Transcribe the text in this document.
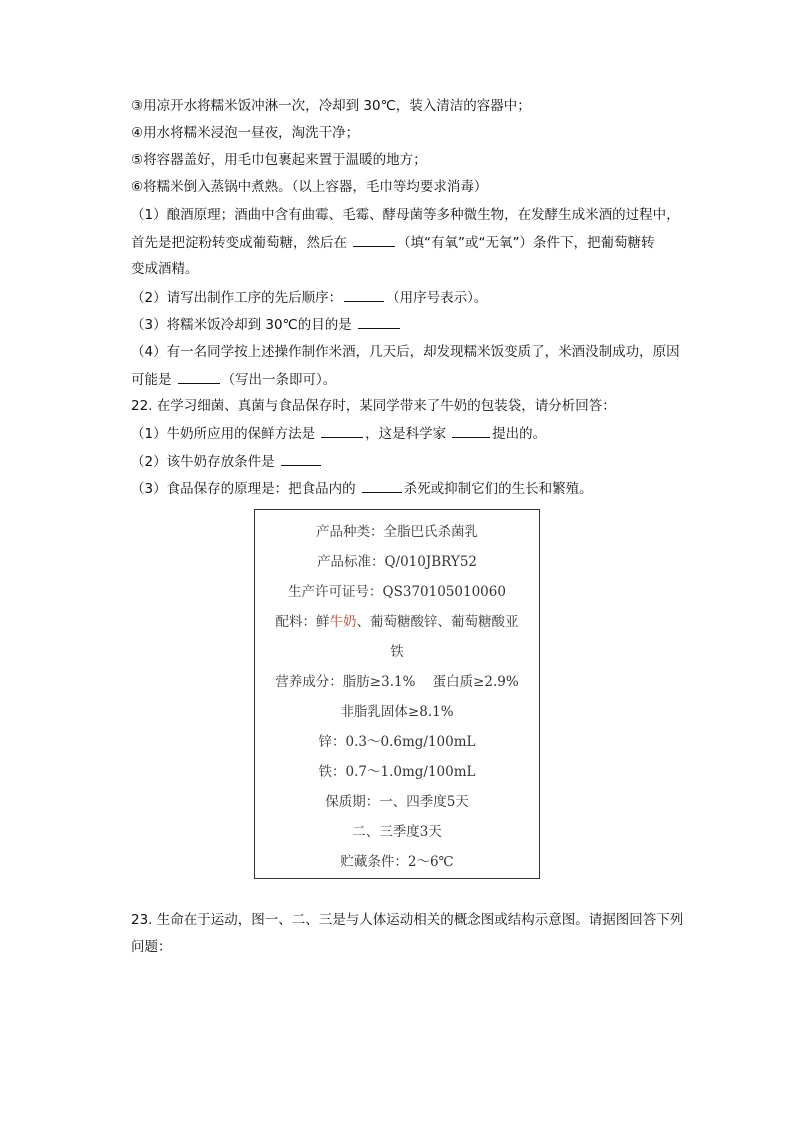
③用凉开水将糯米饭冲淋一次，冷却到 30℃，装入清洁的容器中；
④用水将糯米浸泡一昼夜，淘洗干净；
⑤将容器盖好，用毛巾包裹起来置于温暖的地方；
⑥将糯米倒入蒸锅中煮熟。（以上容器，毛巾等均要求消毒）
（1）酿酒原理；酒曲中含有曲霉、毛霉、酵母菌等多种微生物，在发酵生成米酒的过程中，
首先是把淀粉转变成葡萄糖，然后在	（填“有氧”或“无氧”）条件下，把葡萄糖转
变成酒精。
（2）请写出制作工序的先后顺序：	（用序号表示）。
（3）将糯米饭冷却到 30℃的目的是
（4）有一名同学按上述操作制作米酒，几天后，却发现糯米饭变质了，米酒没制成功，原因
可能是	（写出一条即可）。
22. 在学习细菌、真菌与食品保存时，某同学带来了牛奶的包装袋，请分析回答：
（1）牛奶所应用的保鲜方法是	，这是科学家	提出的。
（2）该牛奶存放条件是
（3）食品保存的原理是：把食品内的	杀死或抑制它们的生长和繁殖。
产品种类：全脂巴氏杀菌乳
产品标准：Q/010JBRY52
生产许可证号：QS370105010060
配料：鲜牛奶、葡萄糖酸锌、葡萄糖酸亚
铁
营养成分：脂肪≥3.1%    蛋白质≥2.9%
非脂乳固体≥8.1%
锌：0.3～0.6mg/100mL
铁：0.7～1.0mg/100mL
保质期：一、四季度5天
二、三季度3天
贮藏条件：2～6℃
23. 生命在于运动，图一、二、三是与人体运动相关的概念图或结构示意图。请据图回答下列
问题：
